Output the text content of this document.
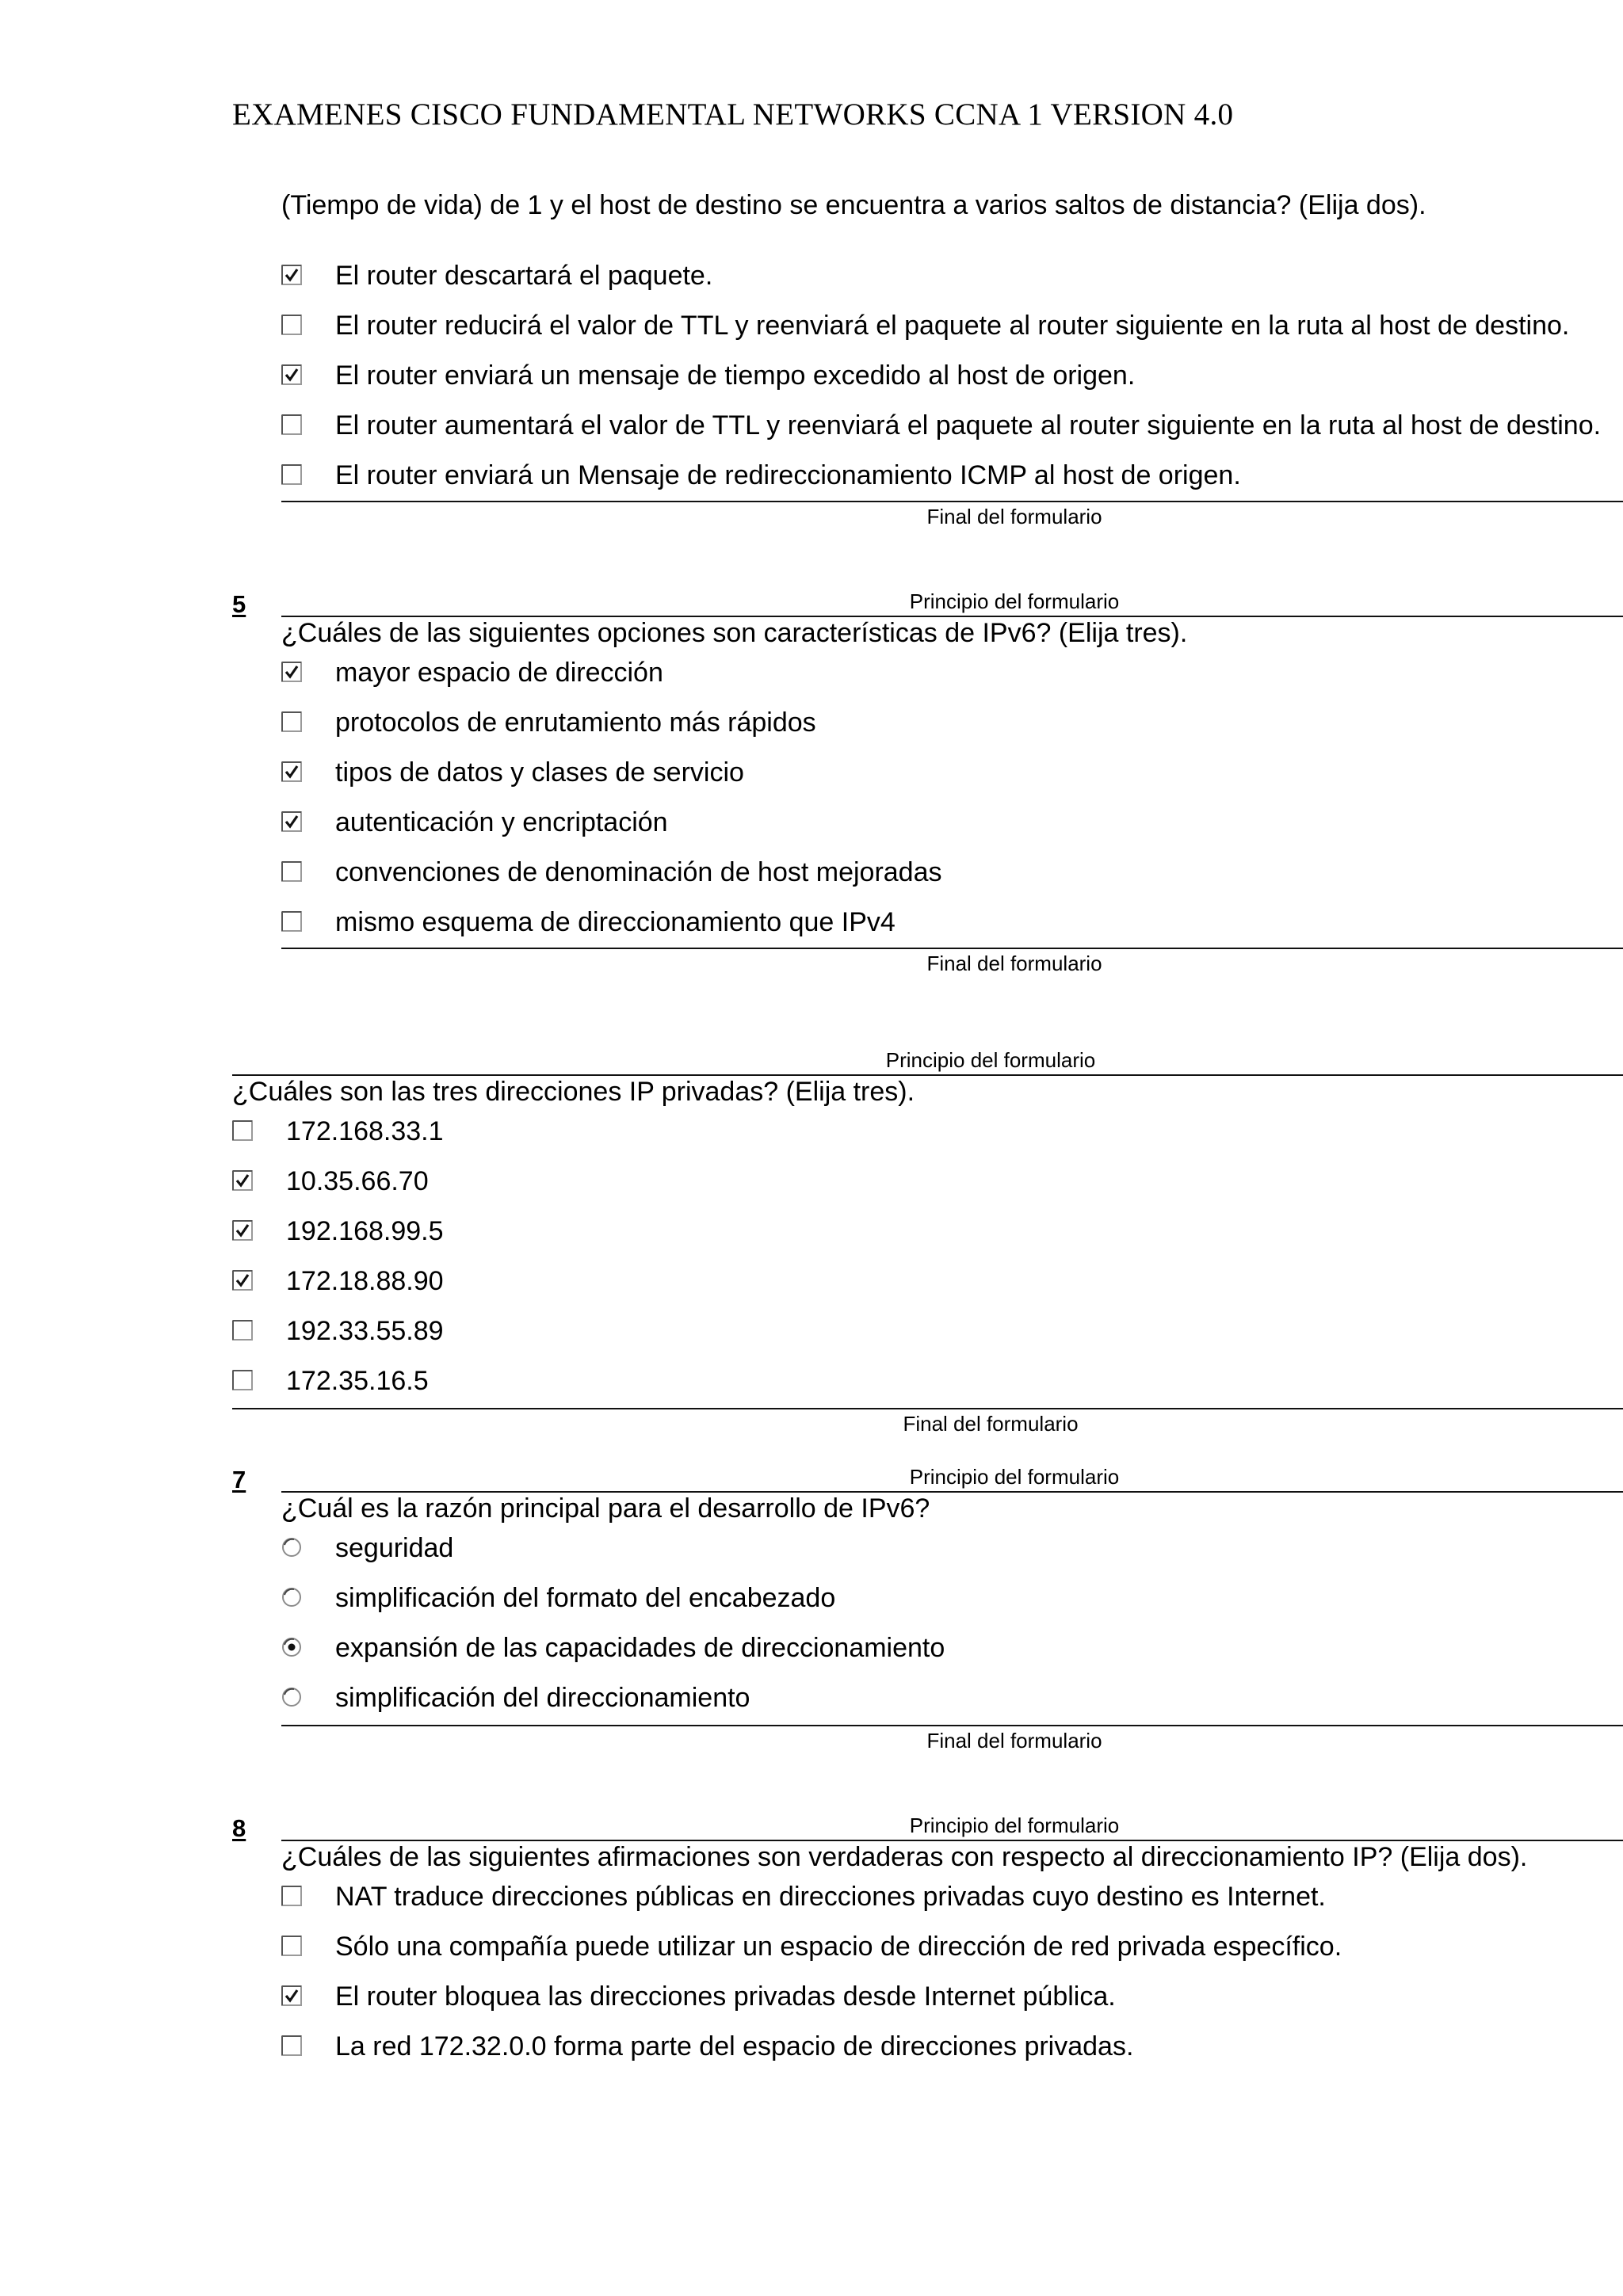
EXAMENES CISCO FUNDAMENTAL NETWORKS CCNA 1 VERSION 4.0
(Tiempo de vida) de 1 y el host de destino se encuentra a varios saltos de distancia? (Elija dos).
El router descartará el paquete.
El router reducirá el valor de TTL y reenviará el paquete al router siguiente en la ruta al host de destino.
El router enviará un mensaje de tiempo excedido al host de origen.
El router aumentará el valor de TTL y reenviará el paquete al router siguiente en la ruta al host de destino.
El router enviará un Mensaje de redireccionamiento ICMP al host de origen.
Final del formulario
5	Principio del formulario
¿Cuáles de las siguientes opciones son características de IPv6? (Elija tres).
mayor espacio de dirección
protocolos de enrutamiento más rápidos
tipos de datos y clases de servicio
autenticación y encriptación
convenciones de denominación de host mejoradas
mismo esquema de direccionamiento que IPv4
Final del formulario
Principio del formulario
¿Cuáles son las tres direcciones IP privadas? (Elija tres).
172.168.33.1
10.35.66.70
192.168.99.5
172.18.88.90
192.33.55.89
172.35.16.5
Final del formulario
7	Principio del formulario
¿Cuál es la razón principal para el desarrollo de IPv6?
seguridad
simplificación del formato del encabezado
expansión de las capacidades de direccionamiento
simplificación del direccionamiento
Final del formulario
8	Principio del formulario
¿Cuáles de las siguientes afirmaciones son verdaderas con respecto al direccionamiento IP? (Elija dos).
NAT traduce direcciones públicas en direcciones privadas cuyo destino es Internet.
Sólo una compañía puede utilizar un espacio de dirección de red privada específico.
El router bloquea las direcciones privadas desde Internet pública.
La red 172.32.0.0 forma parte del espacio de direcciones privadas.
